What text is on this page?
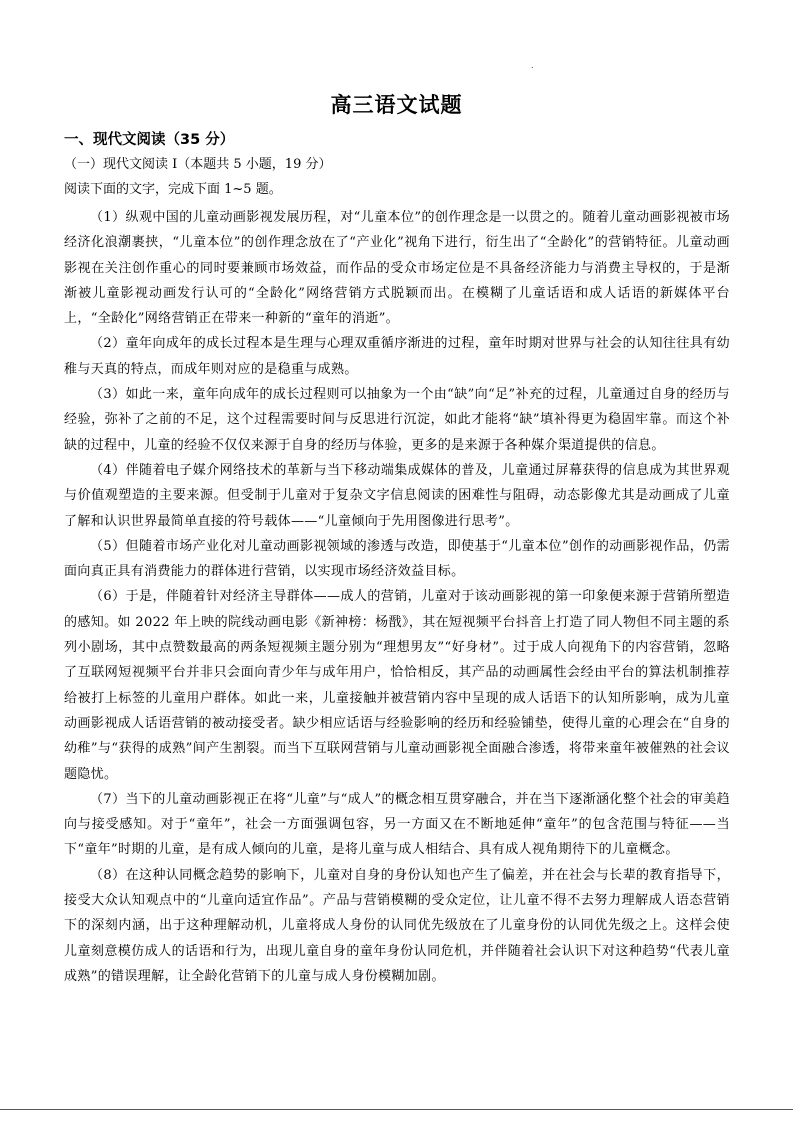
.
高三语文试题
一、现代文阅读（35 分）
（一）现代文阅读 I（本题共 5 小题，19 分）
阅读下面的文字，完成下面 1~5 题。

（1）纵观中国的儿童动画影视发展历程，对“儿童本位”的创作理念是一以贯之的。随着儿童动画影视被市场经济化浪潮裹挟，“儿童本位”的创作理念放在了“产业化”视角下进行，衍生出了“全龄化”的营销特征。儿童动画影视在关注创作重心的同时要兼顾市场效益，而作品的受众市场定位是不具备经济能力与消费主导权的，于是渐渐被儿童影视动画发行认可的“全龄化”网络营销方式脱颖而出。在模糊了儿童话语和成人话语的新媒体平台上，“全龄化”网络营销正在带来一种新的“童年的消逝”。

（2）童年向成年的成长过程本是生理与心理双重循序渐进的过程，童年时期对世界与社会的认知往往具有幼稚与天真的特点，而成年则对应的是稳重与成熟。

（3）如此一来，童年向成年的成长过程则可以抽象为一个由“缺”向“足”补充的过程，儿童通过自身的经历与经验，弥补了之前的不足，这个过程需要时间与反思进行沉淀，如此才能将“缺”填补得更为稳固牢靠。而这个补缺的过程中，儿童的经验不仅仅来源于自身的经历与体验，更多的是来源于各种媒介渠道提供的信息。

（4）伴随着电子媒介网络技术的革新与当下移动端集成媒体的普及，儿童通过屏幕获得的信息成为其世界观与价值观塑造的主要来源。但受制于儿童对于复杂文字信息阅读的困难性与阻碍，动态影像尤其是动画成了儿童了解和认识世界最简单直接的符号载体——“儿童倾向于先用图像进行思考”。

（5）但随着市场产业化对儿童动画影视领域的渗透与改造，即使基于“儿童本位”创作的动画影视作品，仍需面向真正具有消费能力的群体进行营销，以实现市场经济效益目标。

（6）于是，伴随着针对经济主导群体——成人的营销，儿童对于该动画影视的第一印象便来源于营销所塑造的感知。如 2022 年上映的院线动画电影《新神榜：杨戬》，其在短视频平台抖音上打造了同人物但不同主题的系列小剧场，其中点赞数最高的两条短视频主题分别为“理想男友”“好身材”。过于成人向视角下的内容营销，忽略了互联网短视频平台并非只会面向青少年与成年用户，恰恰相反，其产品的动画属性会经由平台的算法机制推荐给被打上标签的儿童用户群体。如此一来，儿童接触并被营销内容中呈现的成人话语下的认知所影响，成为儿童动画影视成人话语营销的被动接受者。缺少相应话语与经验影响的经历和经验铺垫，使得儿童的心理会在“自身的幼稚”与“获得的成熟”间产生割裂。而当下互联网营销与儿童动画影视全面融合渗透，将带来童年被催熟的社会议题隐忧。

（7）当下的儿童动画影视正在将“儿童”与“成人”的概念相互贯穿融合，并在当下逐渐涵化整个社会的审美趋向与接受感知。对于“童年”，社会一方面强调包容，另一方面又在不断地延伸“童年”的包含范围与特征——当下“童年”时期的儿童，是有成人倾向的儿童，是将儿童与成人相结合、具有成人视角期待下的儿童概念。

（8）在这种认同概念趋势的影响下，儿童对自身的身份认知也产生了偏差，并在社会与长辈的教育指导下，接受大众认知观点中的“儿童向适宜作品”。产品与营销模糊的受众定位，让儿童不得不去努力理解成人语态营销下的深刻内涵，出于这种理解动机，儿童将成人身份的认同优先级放在了儿童身份的认同优先级之上。这样会使儿童刻意模仿成人的话语和行为，出现儿童自身的童年身份认同危机，并伴随着社会认识下对这种趋势“代表儿童成熟”的错误理解，让全龄化营销下的儿童与成人身份模糊加剧。
